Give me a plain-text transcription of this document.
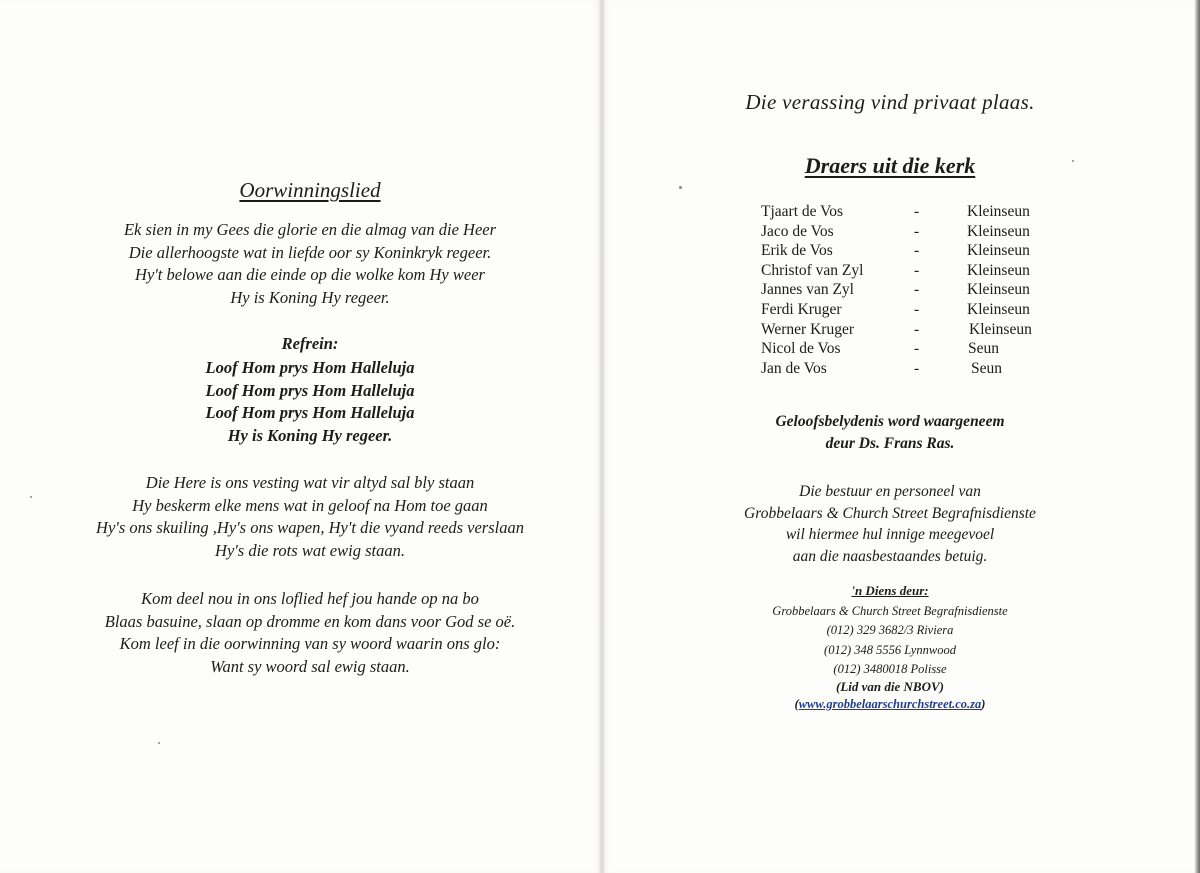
Oorwinningslied
Ek sien in my Gees die glorie en die almag van die Heer
Die allerhoogste wat in liefde oor sy Koninkryk regeer.
Hy't belowe aan die einde op die wolke kom Hy weer
Hy is Koning Hy regeer.
Refrein:
Loof Hom prys Hom Halleluja
Loof Hom prys Hom Halleluja
Loof Hom prys Hom Halleluja
Hy is Koning Hy regeer.
Die Here is ons vesting wat vir altyd sal bly staan
Hy beskerm elke mens wat in geloof na Hom toe gaan
Hy's ons skuiling ,Hy's ons wapen, Hy't die vyand reeds verslaan
Hy's die rots wat ewig staan.
Kom deel nou in ons loflied hef jou hande op na bo
Blaas basuine, slaan op dromme en kom dans voor God se oë.
Kom leef in die oorwinning van sy woord waarin ons glo:
Want sy woord sal ewig staan.
Die verassing vind privaat plaas.
Draers uit die kerk
Tjaart de Vos	-	Kleinseun
Jaco de Vos	-	Kleinseun
Erik de Vos	-	Kleinseun
Christof van Zyl	-	Kleinseun
Jannes van Zyl	-	Kleinseun
Ferdi Kruger	-	Kleinseun
Werner Kruger	-	Kleinseun
Nicol de Vos	-	Seun
Jan de Vos	-	Seun
Geloofsbelydenis word waargeneem
deur Ds. Frans Ras.
Die bestuur en personeel van
Grobbelaars & Church Street Begrafnisdienste
wil hiermee hul innige meegevoel
aan die naasbestaandes betuig.
'n Diens deur:
Grobbelaars & Church Street Begrafnisdienste
(012) 329 3682/3 Riviera
(012) 348 5556 Lynnwood
(012) 3480018 Polisse
(Lid van die NBOV)
(www.grobbelaarschurchstreet.co.za)
